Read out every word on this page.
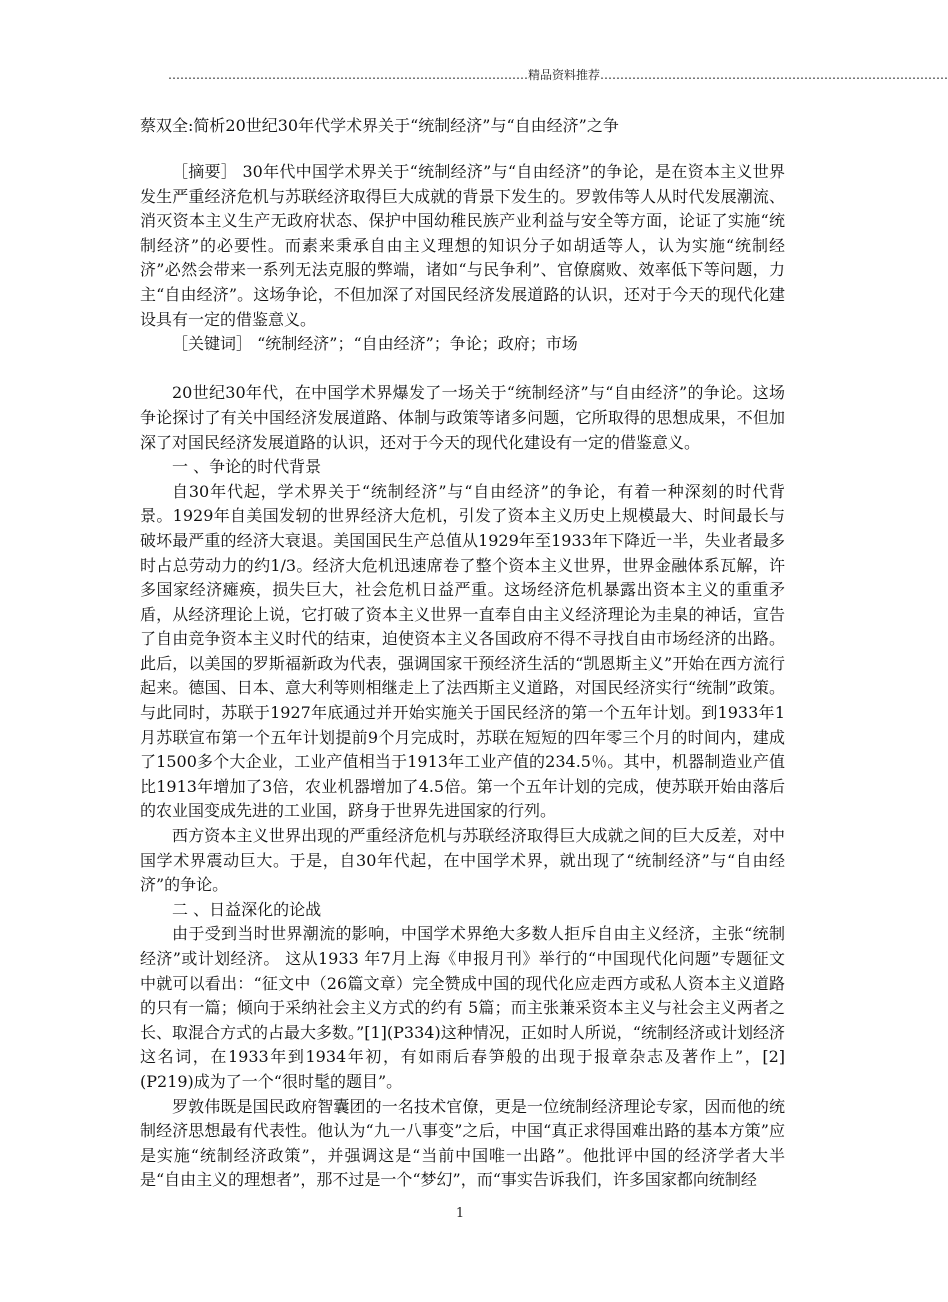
………………………………………………………………………………精品资料推荐……………………………………………………………………………
蔡双全:简析20世纪30年代学术界关于“统制经济”与“自由经济”之争

［摘要］ 30年代中国学术界关于“统制经济”与“自由经济”的争论，是在资本主义世界发生严重经济危机与苏联经济取得巨大成就的背景下发生的。罗敦伟等人从时代发展潮流、消灭资本主义生产无政府状态、保护中国幼稚民族产业利益与安全等方面，论证了实施“统制经济”的必要性。而素来秉承自由主义理想的知识分子如胡适等人，认为实施“统制经济”必然会带来一系列无法克服的弊端，诸如“与民争利”、官僚腐败、效率低下等问题，力主“自由经济”。这场争论，不但加深了对国民经济发展道路的认识，还对于今天的现代化建设具有一定的借鉴意义。

［关键词］ “统制经济”；“自由经济”；争论；政府；市场

20世纪30年代，在中国学术界爆发了一场关于“统制经济”与“自由经济”的争论。这场争论探讨了有关中国经济发展道路、体制与政策等诸多问题，它所取得的思想成果，不但加深了对国民经济发展道路的认识，还对于今天的现代化建设有一定的借鉴意义。

一 、争论的时代背景

自30年代起，学术界关于“统制经济”与“自由经济”的争论，有着一种深刻的时代背景。1929年自美国发轫的世界经济大危机，引发了资本主义历史上规模最大、时间最长与破坏最严重的经济大衰退。美国国民生产总值从1929年至1933年下降近一半，失业者最多时占总劳动力的约1/3。经济大危机迅速席卷了整个资本主义世界，世界金融体系瓦解，许多国家经济瘫痪，损失巨大，社会危机日益严重。这场经济危机暴露出资本主义的重重矛盾，从经济理论上说，它打破了资本主义世界一直奉自由主义经济理论为圭臬的神话，宣告了自由竞争资本主义时代的结束，迫使资本主义各国政府不得不寻找自由市场经济的出路。此后，以美国的罗斯福新政为代表，强调国家干预经济生活的“凯恩斯主义”开始在西方流行起来。德国、日本、意大利等则相继走上了法西斯主义道路，对国民经济实行“统制”政策。与此同时，苏联于1927年底通过并开始实施关于国民经济的第一个五年计划。到1933年1月苏联宣布第一个五年计划提前9个月完成时，苏联在短短的四年零三个月的时间内，建成了1500多个大企业，工业产值相当于1913年工业产值的234.5％。其中，机器制造业产值比1913年增加了3倍，农业机器增加了4.5倍。第一个五年计划的完成，使苏联开始由落后的农业国变成先进的工业国，跻身于世界先进国家的行列。

西方资本主义世界出现的严重经济危机与苏联经济取得巨大成就之间的巨大反差，对中国学术界震动巨大。于是，自30年代起，在中国学术界，就出现了“统制经济”与“自由经济”的争论。

二 、日益深化的论战

由于受到当时世界潮流的影响，中国学术界绝大多数人拒斥自由主义经济，主张“统制经济”或计划经济。 这从1933 年7月上海《申报月刊》举行的“中国现代化问题”专题征文中就可以看出：“征文中（26篇文章）完全赞成中国的现代化应走西方或私人资本主义道路的只有一篇；倾向于采纳社会主义方式的约有 5篇；而主张兼采资本主义与社会主义两者之长、取混合方式的占最大多数。”[1](P334)这种情况，正如时人所说，“统制经济或计划经济这名词，在1933年到1934年初，有如雨后春笋般的出现于报章杂志及著作上”，[2](P219)成为了一个“很时髦的题目”。

罗敦伟既是国民政府智囊团的一名技术官僚，更是一位统制经济理论专家，因而他的统制经济思想最有代表性。他认为“九一八事变”之后，中国“真正求得国难出路的基本方策”应是实施“统制经济政策”，并强调这是“当前中国唯一出路”。他批评中国的经济学者大半是“自由主义的理想者”，那不过是一个“梦幻”，而“事实告诉我们，许多国家都向统制经

1
